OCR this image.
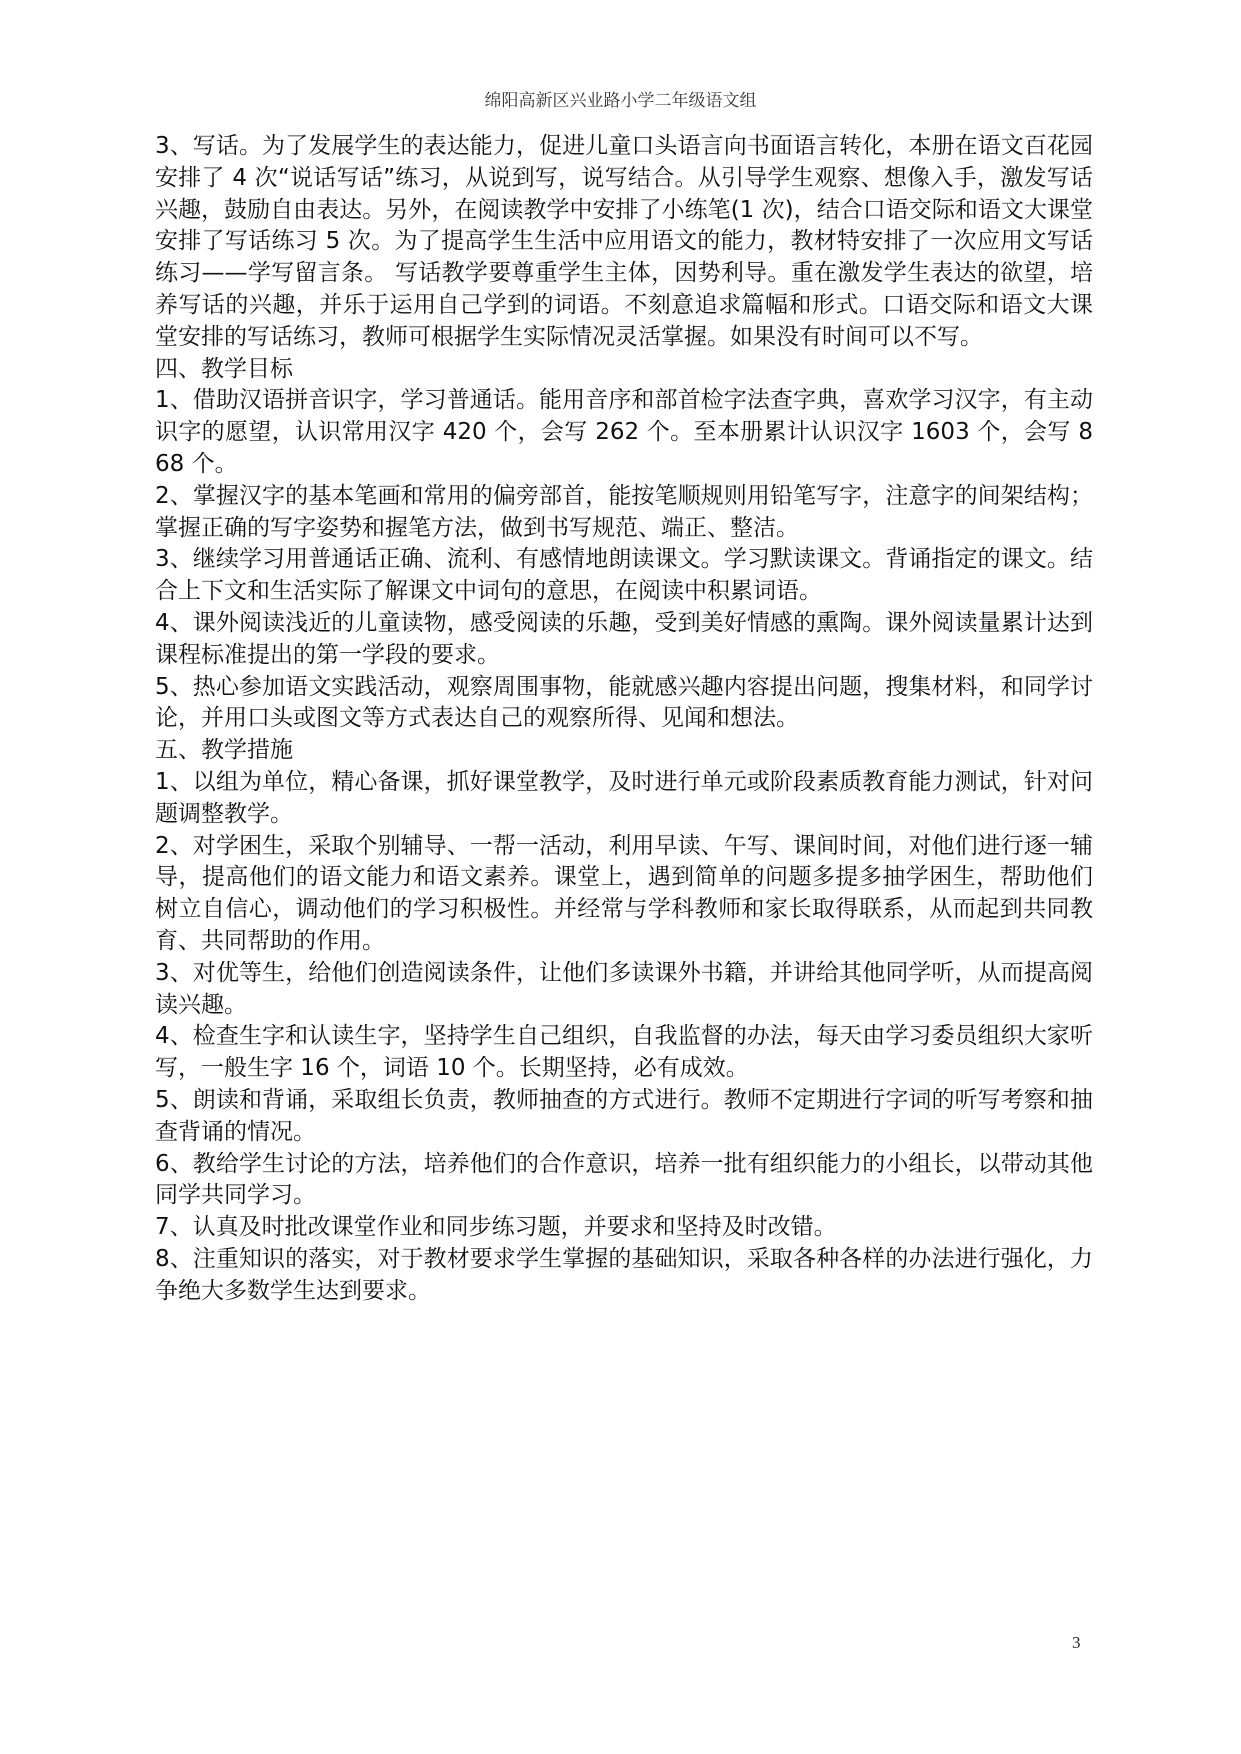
绵阳高新区兴业路小学二年级语文组

3、写话。为了发展学生的表达能力，促进儿童口头语言向书面语言转化，本册在语文百花园安排了 4 次“说话写话”练习，从说到写，说写结合。从引导学生观察、想像入手，激发写话兴趣，鼓励自由表达。另外，在阅读教学中安排了小练笔(1 次)，结合口语交际和语文大课堂安排了写话练习 5 次。为了提高学生生活中应用语文的能力，教材特安排了一次应用文写话练习——学写留言条。 写话教学要尊重学生主体，因势利导。重在激发学生表达的欲望，培养写话的兴趣，并乐于运用自己学到的词语。不刻意追求篇幅和形式。口语交际和语文大课堂安排的写话练习，教师可根据学生实际情况灵活掌握。如果没有时间可以不写。

四、教学目标

1、借助汉语拼音识字，学习普通话。能用音序和部首检字法查字典，喜欢学习汉字，有主动识字的愿望，认识常用汉字 420 个，会写 262 个。至本册累计认识汉字 1603 个，会写 868 个。

2、掌握汉字的基本笔画和常用的偏旁部首，能按笔顺规则用铅笔写字，注意字的间架结构；掌握正确的写字姿势和握笔方法，做到书写规范、端正、整洁。

3、继续学习用普通话正确、流利、有感情地朗读课文。学习默读课文。背诵指定的课文。结合上下文和生活实际了解课文中词句的意思，在阅读中积累词语。

4、课外阅读浅近的儿童读物，感受阅读的乐趣，受到美好情感的熏陶。课外阅读量累计达到课程标准提出的第一学段的要求。

5、热心参加语文实践活动，观察周围事物，能就感兴趣内容提出问题，搜集材料，和同学讨论，并用口头或图文等方式表达自己的观察所得、见闻和想法。

五、教学措施

1、以组为单位，精心备课，抓好课堂教学，及时进行单元或阶段素质教育能力测试，针对问题调整教学。

2、对学困生，采取个别辅导、一帮一活动，利用早读、午写、课间时间，对他们进行逐一辅导，提高他们的语文能力和语文素养。课堂上，遇到简单的问题多提多抽学困生，帮助他们树立自信心，调动他们的学习积极性。并经常与学科教师和家长取得联系，从而起到共同教育、共同帮助的作用。

3、对优等生，给他们创造阅读条件，让他们多读课外书籍，并讲给其他同学听，从而提高阅读兴趣。

4、检查生字和认读生字，坚持学生自己组织，自我监督的办法，每天由学习委员组织大家听写，一般生字 16 个，词语 10 个。长期坚持，必有成效。

5、朗读和背诵，采取组长负责，教师抽查的方式进行。教师不定期进行字词的听写考察和抽查背诵的情况。

6、教给学生讨论的方法，培养他们的合作意识，培养一批有组织能力的小组长，以带动其他同学共同学习。

7、认真及时批改课堂作业和同步练习题，并要求和坚持及时改错。

8、注重知识的落实，对于教材要求学生掌握的基础知识，采取各种各样的办法进行强化，力争绝大多数学生达到要求。

3
